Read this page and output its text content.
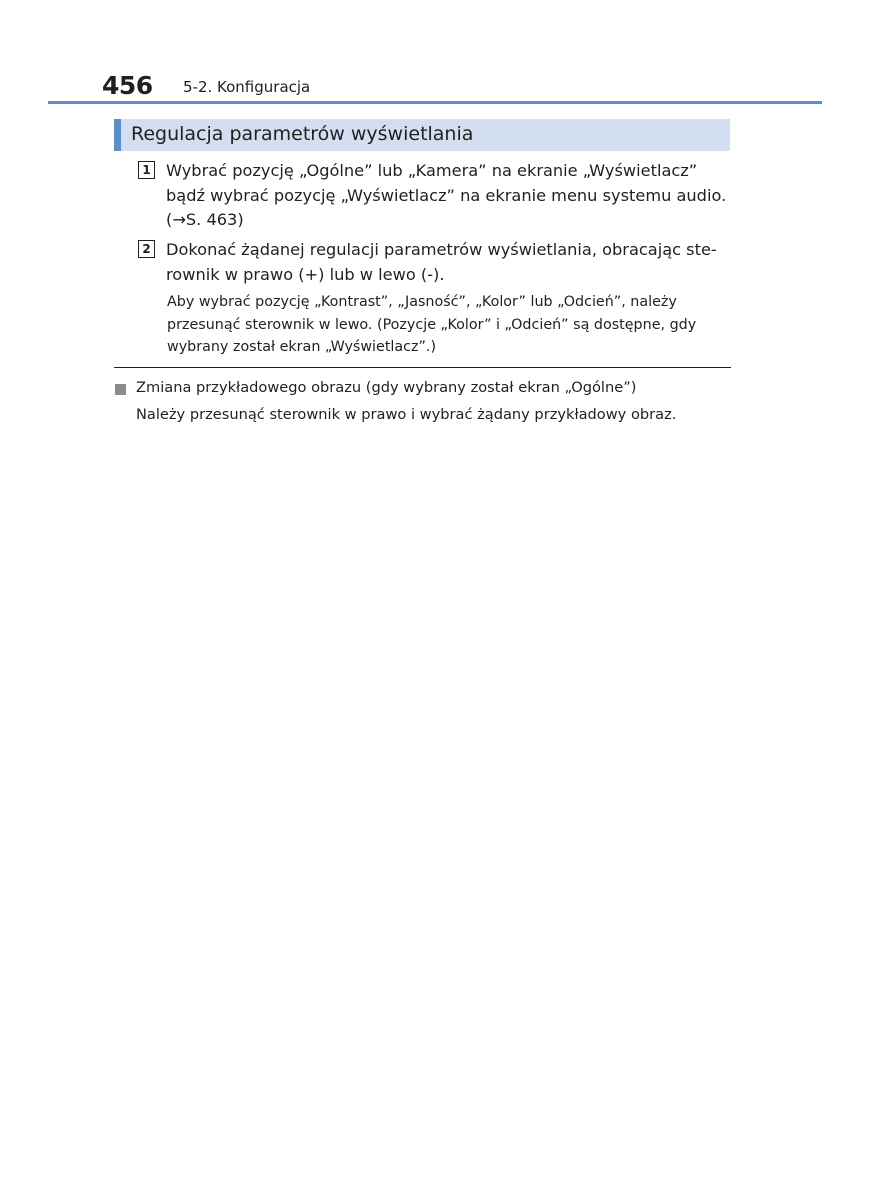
456 5-2. Konfiguracja
Regulacja parametrów wyświetlania
1 Wybrać pozycję „Ogólne” lub „Kamera” na ekranie „Wyświetlacz”
bądź wybrać pozycję „Wyświetlacz” na ekranie menu systemu audio.
(→S. 463)
2 Dokonać żądanej regulacji parametrów wyświetlania, obracając ste-
rownik w prawo (+) lub w lewo (-).
Aby wybrać pozycję „Kontrast”, „Jasność”, „Kolor” lub „Odcień”, należy
przesunąć sterownik w lewo. (Pozycje „Kolor” i „Odcień” są dostępne, gdy
wybrany został ekran „Wyświetlacz”.)
Zmiana przykładowego obrazu (gdy wybrany został ekran „Ogólne”)
Należy przesunąć sterownik w prawo i wybrać żądany przykładowy obraz.
